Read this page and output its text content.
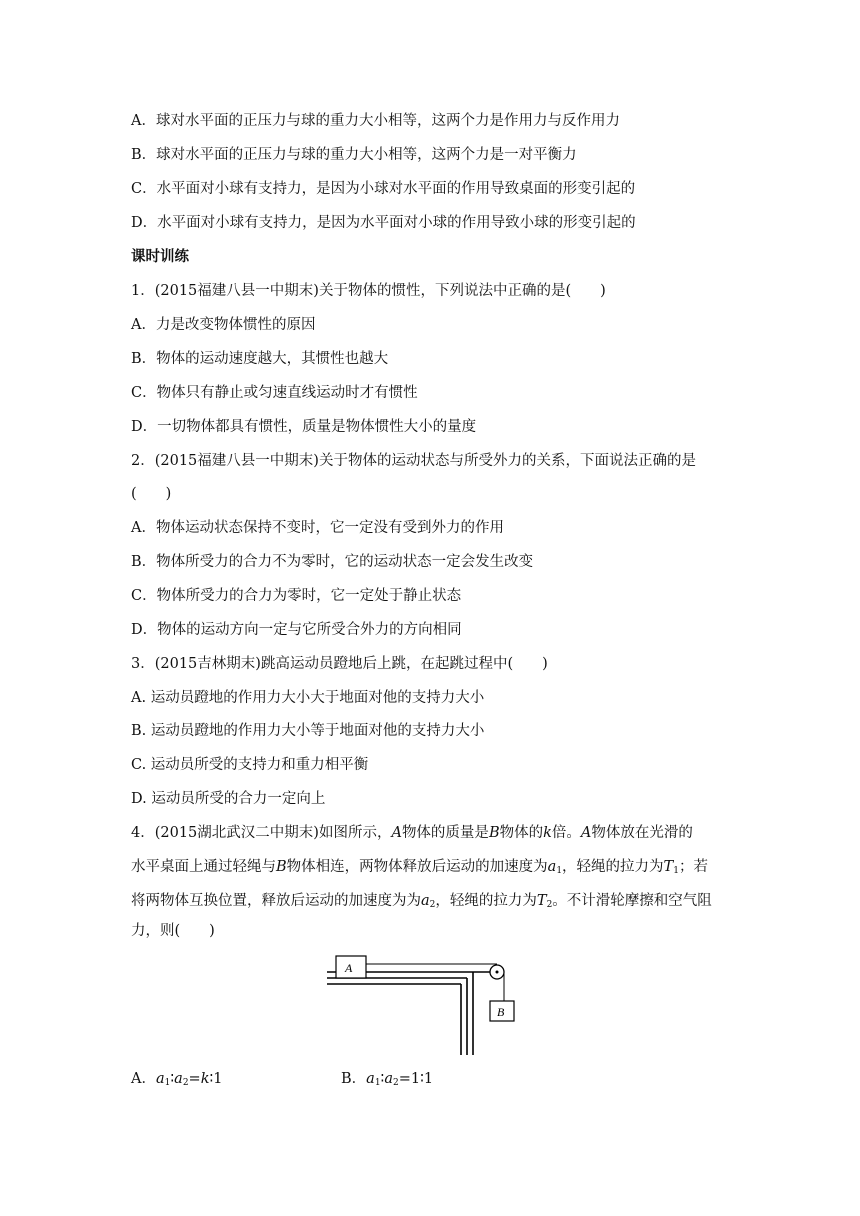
A．球对水平面的正压力与球的重力大小相等，这两个力是作用力与反作用力
B．球对水平面的正压力与球的重力大小相等，这两个力是一对平衡力
C．水平面对小球有支持力，是因为小球对水平面的作用导致桌面的形变引起的
D．水平面对小球有支持力，是因为水平面对小球的作用导致小球的形变引起的
课时训练
1．(2015福建八县一中期末)关于物体的惯性，下列说法中正确的是(　　)
A．力是改变物体惯性的原因
B．物体的运动速度越大，其惯性也越大
C．物体只有静止或匀速直线运动时才有惯性
D．一切物体都具有惯性，质量是物体惯性大小的量度
2．(2015福建八县一中期末)关于物体的运动状态与所受外力的关系，下面说法正确的是
(　　)
A．物体运动状态保持不变时，它一定没有受到外力的作用
B．物体所受力的合力不为零时，它的运动状态一定会发生改变
C．物体所受力的合力为零时，它一定处于静止状态
D．物体的运动方向一定与它所受合外力的方向相同
3．(2015吉林期末)跳高运动员蹬地后上跳，在起跳过程中(　　)
A. 运动员蹬地的作用力大小大于地面对他的支持力大小
B. 运动员蹬地的作用力大小等于地面对他的支持力大小
C. 运动员所受的支持力和重力相平衡
D. 运动员所受的合力一定向上
4．(2015湖北武汉二中期末)如图所示，A物体的质量是B物体的k倍。A物体放在光滑的
水平桌面上通过轻绳与B物体相连，两物体释放后运动的加速度为$a_1$，轻绳的拉力为$T_1$；若
将两物体互换位置，释放后运动的加速度为为$a_2$，轻绳的拉力为$T_2$。不计滑轮摩擦和空气阻
力，则(　　)
A
B
A．$a_1∶a_2=k∶1$	B．$a_1∶a_2=1∶1$
